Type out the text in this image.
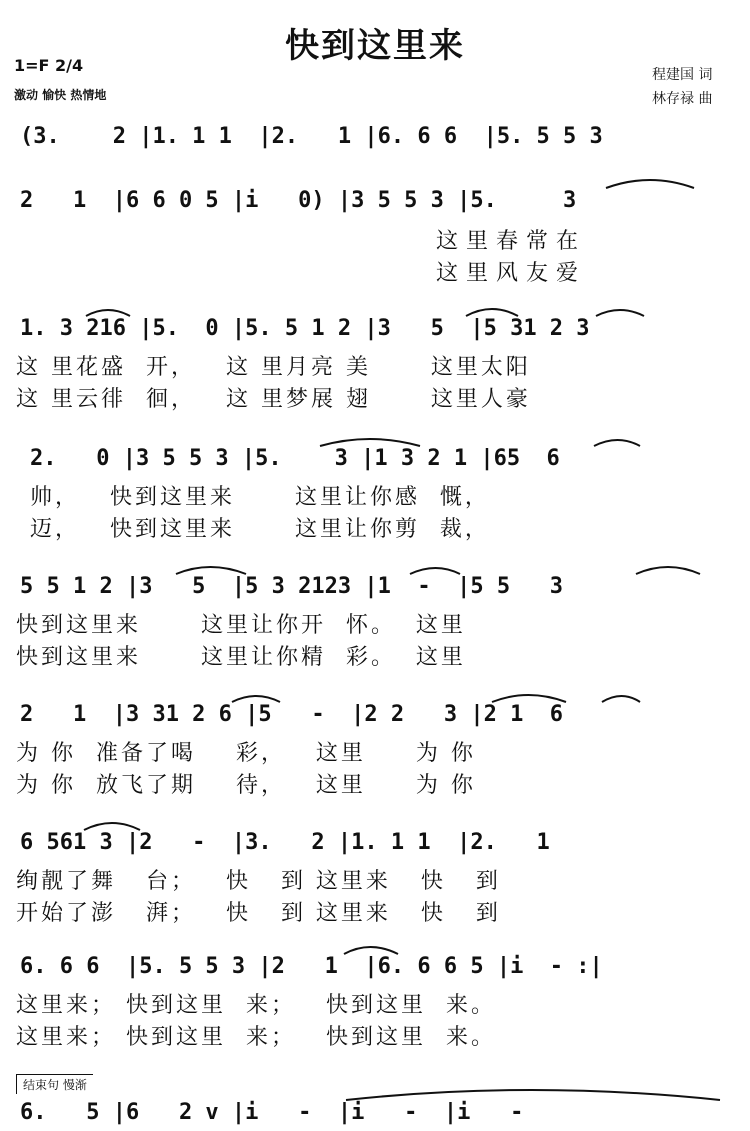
快到这里来
1=F 2/4
激动 愉快 热情地
程建国 词
林存禄 曲
(3.    2 |1. 1 1  |2.   1 |6. 6 6  |5. 5 5 3
2   1  |6 6 0 5 |i   0) |3 5 5 3 |5.     3
这里春常在
这里风友爱
1. 3 216 |5.  0 |5. 5 1 2 |3   5  |5 31 2 3
这 里花盛  开，   这 里月亮 美      这里太阳
这 里云徘  徊，   这 里梦展 翅      这里人豪
2.   0 |3 5 5 3 |5.    3 |1 3 2 1 |65  6
帅，   快到这里来      这里让你感  慨，
迈，   快到这里来      这里让你剪  裁，
5 5 1 2 |3   5  |5 3 2123 |1  -  |5 5   3
快到这里来      这里让你开  怀。  这里
快到这里来      这里让你精  彩。  这里
2   1  |3 31 2 6 |5   -  |2 2   3 |2 1  6
为 你  准备了喝    彩，   这里     为 你
为 你  放飞了期    待，   这里     为 你
6 561 3 |2   -  |3.   2 |1. 1 1  |2.   1
绚靓了舞   台；   快   到 这里来   快   到
开始了澎   湃；   快   到 这里来   快   到
6. 6 6  |5. 5 5 3 |2   1  |6. 6 6 5 |i  - :|
这里来； 快到这里  来；   快到这里  来。
这里来； 快到这里  来；   快到这里  来。
结束句 慢渐
6.   5 |6   2 v |i   -  |i   -  |i   -
